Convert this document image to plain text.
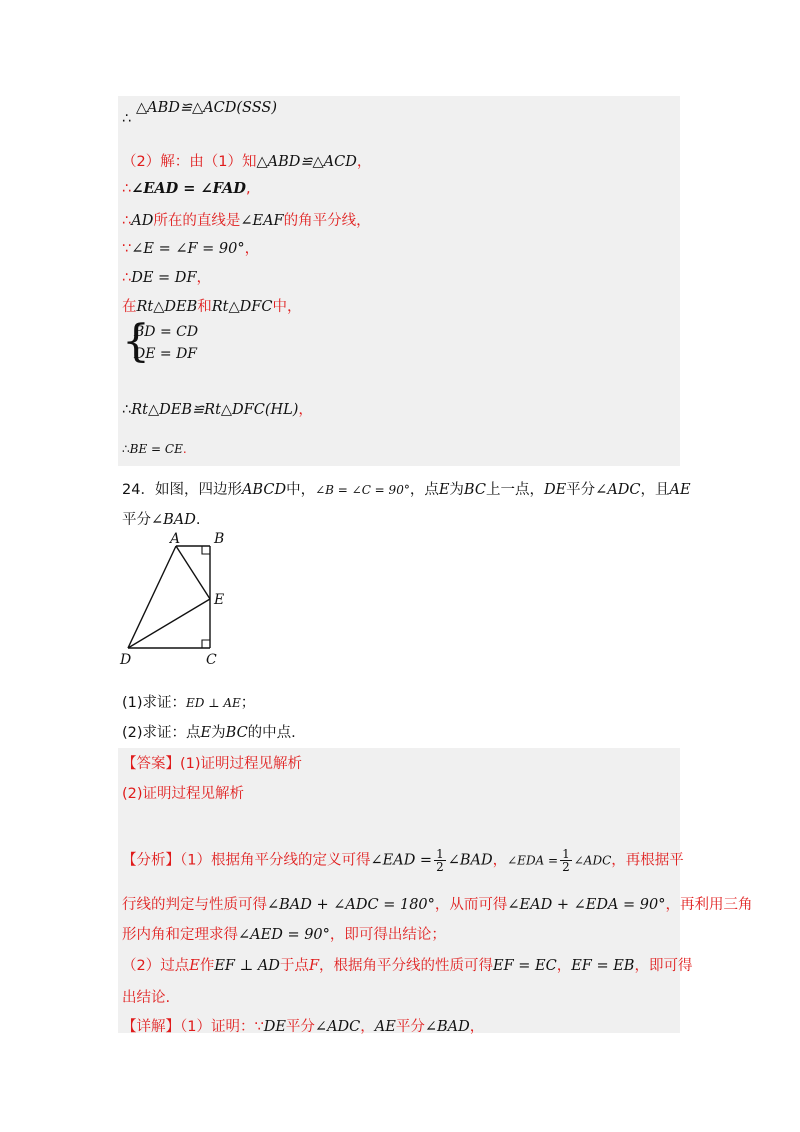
△ABD≌△ACD(SSS)
∴
（2）解：由（1）知△ABD≌△ACD，
∴∠EAD = ∠FAD,
∴AD所在的直线是∠EAF的角平分线，
∵∠E = ∠F = 90°，
∴DE = DF，
在Rt△DEB和Rt△DFC中，
{
BD = CD
DE = DF
∴Rt△DEB≌Rt△DFC(HL)，
∴BE = CE.
24．如图，四边形ABCD中，∠B = ∠C = 90°，点E为BC上一点，DE平分∠ADC，且AE
平分∠BAD.
A B
E
D	C
(1)求证：ED ⊥ AE；
(2)求证：点E为BC的中点.
【答案】(1)证明过程见解析
(2)证明过程见解析
【分析】（1）根据角平分线的定义可得∠EAD = $\frac{1}{2}$ ∠BAD，∠EDA = $\frac{1}{2}$ ∠ADC，再根据平
行线的判定与性质可得∠BAD + ∠ADC = 180°，从而可得∠EAD + ∠EDA = 90°，再利用三角
形内角和定理求得∠AED = 90°，即可得出结论；
（2）过点E作EF ⊥ AD于点F，根据角平分线的性质可得EF = EC，EF = EB，即可得
出结论.
【详解】（1）证明：∵DE平分∠ADC，AE平分∠BAD，
